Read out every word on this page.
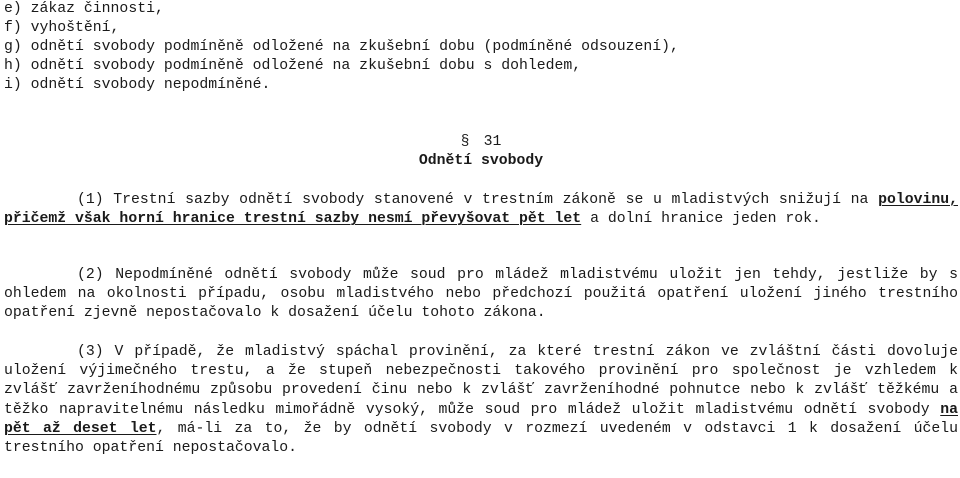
e) zákaz činnosti,
f) vyhoštění,
g) odnětí svobody podmíněně odložené na zkušební dobu (podmíněné odsouzení),
h) odnětí svobody podmíněně odložené na zkušební dobu s dohledem,
i) odnětí svobody nepodmíněné.
§ 31
Odnětí svobody

(1) Trestní sazby odnětí svobody stanovené v trestním zákoně se u mladistvých snižují na polovinu, přičemž však horní hranice trestní sazby nesmí převyšovat pět let a dolní hranice jeden rok.

(2) Nepodmíněné odnětí svobody může soud pro mládež mladistvému uložit jen tehdy, jestliže by s ohledem na okolnosti případu, osobu mladistvého nebo předchozí použitá opatření uložení jiného trestního opatření zjevně nepostačovalo k dosažení účelu tohoto zákona.

(3) V případě, že mladistvý spáchal provinění, za které trestní zákon ve zvláštní části dovoluje uložení výjimečného trestu, a že stupeň nebezpečnosti takového provinění pro společnost je vzhledem k zvlášť zavrženíhodnému způsobu provedení činu nebo k zvlášť zavrženíhodné pohnutce nebo k zvlášť těžkému a těžko napravitelnému následku mimořádně vysoký, může soud pro mládež uložit mladistvému odnětí svobody na pět až deset let, má-li za to, že by odnětí svobody v rozmezí uvedeném v odstavci 1 k dosažení účelu trestního opatření nepostačovalo.
